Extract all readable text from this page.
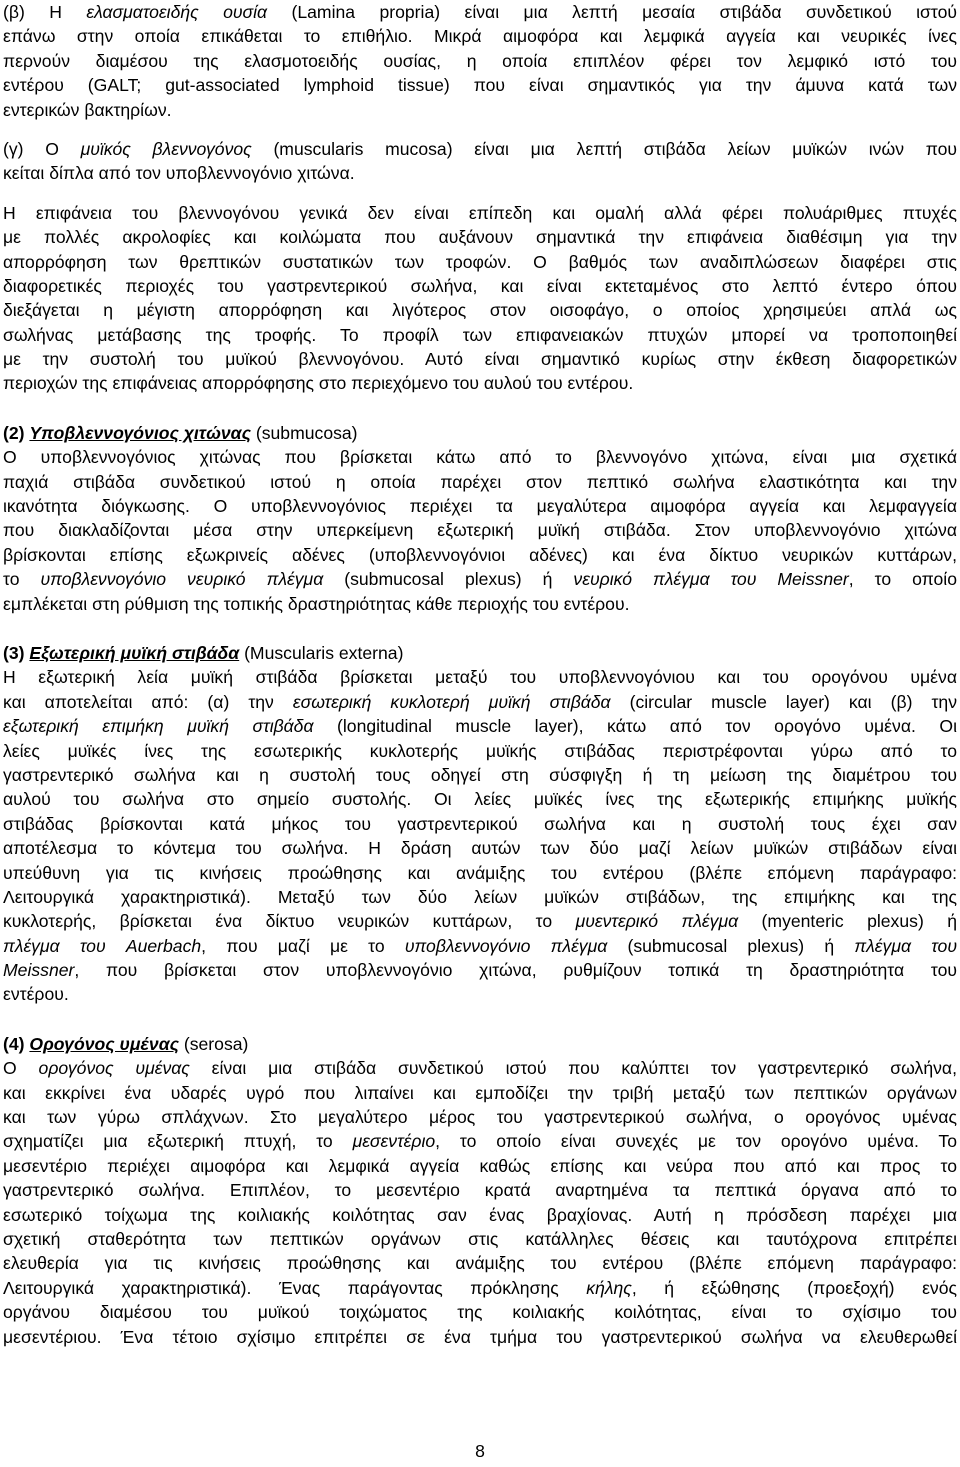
(β) Η ελασματοειδής ουσία (Lamina propria) είναι μια λεπτή μεσαία στιβάδα συνδετικού ιστού
επάνω στην οποία επικάθεται το επιθήλιο. Μικρά αιμοφόρα και λεμφικά αγγεία και νευρικές ίνες
περνούν διαμέσου της ελασμοτοειδής ουσίας, η οποία επιπλέον φέρει τον λεμφικό ιστό του
εντέρου (GALT; gut-associated lymphoid tissue) που είναι σημαντικός για την άμυνα κατά των
εντερικών βακτηρίων.
(γ) Ο μυϊκός βλεννογόνος (muscularis mucosa) είναι μια λεπτή στιβάδα λείων μυϊκών ινών που
κείται δίπλα από τον υποβλεννογόνιο χιτώνα.
Η επιφάνεια του βλεννογόνου γενικά δεν είναι επίπεδη και ομαλή αλλά φέρει πολυάριθμες πτυχές
με πολλές ακρολοφίες και κοιλώματα που αυξάνουν σημαντικά την επιφάνεια διαθέσιμη για την
απορρόφηση των θρεπτικών συστατικών των τροφών. Ο βαθμός των αναδιπλώσεων διαφέρει στις
διαφορετικές περιοχές του γαστρεντερικού σωλήνα, και είναι εκτεταμένος στο λεπτό έντερο όπου
διεξάγεται η μέγιστη απορρόφηση και λιγότερος στον οισοφάγο, ο οποίος χρησιμεύει απλά ως
σωλήνας μετάβασης της τροφής. Το προφίλ των επιφανειακών πτυχών μπορεί να τροποποιηθεί
με την συστολή του μυϊκού βλεννογόνου. Αυτό είναι σημαντικό κυρίως στην έκθεση διαφορετικών
περιοχών της επιφάνειας απορρόφησης στο περιεχόμενο του αυλού του εντέρου.
(2) Υποβλεννογόνιος χιτώνας (submucosa)
Ο υποβλεννογόνιος χιτώνας που βρίσκεται κάτω από το βλεννογόνο χιτώνα, είναι μια σχετικά
παχιά στιβάδα συνδετικού ιστού η οποία παρέχει στον πεπτικό σωλήνα ελαστικότητα και την
ικανότητα διόγκωσης. Ο υποβλεννογόνιος περιέχει τα μεγαλύτερα αιμοφόρα αγγεία και λεμφαγγεία
που διακλαδίζονται μέσα στην υπερκείμενη εξωτερική μυϊκή στιβάδα. Στον υποβλεννογόνιο χιτώνα
βρίσκονται επίσης εξωκρινείς αδένες (υποβλεννογόνιοι αδένες) και ένα δίκτυο νευρικών κυττάρων,
το υποβλεννογόνιο νευρικό πλέγμα (submucosal plexus) ή νευρικό πλέγμα του Meissner, το οποίο
εμπλέκεται στη ρύθμιση της τοπικής δραστηριότητας κάθε περιοχής του εντέρου.
(3) Εξωτερική μυϊκή στιβάδα (Muscularis externa)
Η εξωτερική λεία μυϊκή στιβάδα βρίσκεται μεταξύ του υποβλεννογόνιου και του ορογόνου υμένα
και αποτελείται από: (α) την εσωτερική κυκλοτερή μυϊκή στιβάδα (circular muscle layer) και (β) την
εξωτερική επιμήκη μυϊκή στιβάδα (longitudinal muscle layer), κάτω από τον ορογόνο υμένα. Οι
λείες μυϊκές ίνες της εσωτερικής κυκλοτερής μυϊκής στιβάδας περιστρέφονται γύρω από το
γαστρεντερικό σωλήνα και η συστολή τους οδηγεί στη σύσφιγξη ή τη μείωση της διαμέτρου του
αυλού του σωλήνα στο σημείο συστολής. Οι λείες μυϊκές ίνες της εξωτερικής επιμήκης μυϊκής
στιβάδας βρίσκονται κατά μήκος του γαστρεντερικού σωλήνα και η συστολή τους έχει σαν
αποτέλεσμα το κόντεμα του σωλήνα. Η δράση αυτών των δύο μαζί λείων μυϊκών στιβάδων είναι
υπεύθυνη για τις κινήσεις προώθησης και ανάμιξης του εντέρου (βλέπε επόμενη παράγραφο:
Λειτουργικά χαρακτηριστικά). Μεταξύ των δύο λείων μυϊκών στιβάδων, της επιμήκης και της
κυκλοτερής, βρίσκεται ένα δίκτυο νευρικών κυττάρων, το μυεντερικό πλέγμα (myenteric plexus) ή
πλέγμα του Auerbach, που μαζί με το υποβλεννογόνιο πλέγμα (submucosal plexus) ή πλέγμα του
Meissner, που βρίσκεται στον υποβλεννογόνιο χιτώνα, ρυθμίζουν τοπικά τη δραστηριότητα του
εντέρου.
(4) Ορογόνος υμένας (serosa)
Ο ορογόνος υμένας είναι μια στιβάδα συνδετικού ιστού που καλύπτει τον γαστρεντερικό σωλήνα,
και εκκρίνει ένα υδαρές υγρό που λιπαίνει και εμποδίζει την τριβή μεταξύ των πεπτικών οργάνων
και των γύρω σπλάχνων. Στο μεγαλύτερο μέρος του γαστρεντερικού σωλήνα, ο ορογόνος υμένας
σχηματίζει μια εξωτερική πτυχή, το μεσεντέριο, το οποίο είναι συνεχές με τον ορογόνο υμένα. Το
μεσεντέριο περιέχει αιμοφόρα και λεμφικά αγγεία καθώς επίσης και νεύρα που από και προς το
γαστρεντερικό σωλήνα. Επιπλέον, το μεσεντέριο κρατά αναρτημένα τα πεπτικά όργανα από το
εσωτερικό τοίχωμα της κοιλιακής κοιλότητας σαν ένας βραχίονας. Αυτή η πρόσδεση παρέχει μια
σχετική σταθερότητα των πεπτικών οργάνων στις κατάλληλες θέσεις και ταυτόχρονα επιτρέπει
ελευθερία για τις κινήσεις προώθησης και ανάμιξης του εντέρου (βλέπε επόμενη παράγραφο:
Λειτουργικά χαρακτηριστικά). Ένας παράγοντας πρόκλησης κήλης, ή εξώθησης (προεξοχή) ενός
οργάνου διαμέσου του μυϊκού τοιχώματος της κοιλιακής κοιλότητας, είναι το σχίσιμο του
μεσεντέριου. Ένα τέτοιο σχίσιμο επιτρέπει σε ένα τμήμα του γαστρεντερικού σωλήνα να ελευθερωθεί
8
